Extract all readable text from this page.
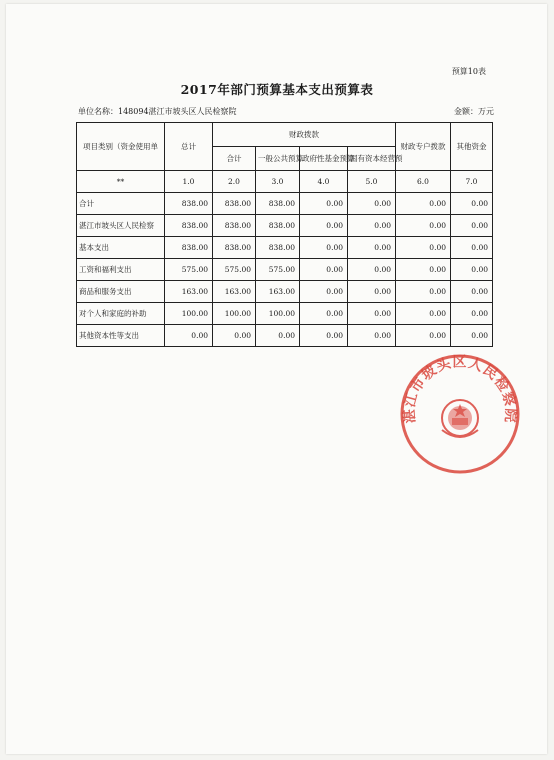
预算10表
2017年部门预算基本支出预算表
单位名称：148094湛江市坡头区人民检察院	金额：万元
项目类别（资金使用单	总计	财政拨款				财政专户拨款	其他资金
		合计	一般公共预算	政府性基金预算	国有资本经营预		
**	1.0	2.0	3.0	4.0	5.0	6.0	7.0
合计	838.00	838.00	838.00	0.00	0.00	0.00	0.00
湛江市坡头区人民检察	838.00	838.00	838.00	0.00	0.00	0.00	0.00
基本支出	838.00	838.00	838.00	0.00	0.00	0.00	0.00
工资和福利支出	575.00	575.00	575.00	0.00	0.00	0.00	0.00
商品和服务支出	163.00	163.00	163.00	0.00	0.00	0.00	0.00
对个人和家庭的补助	100.00	100.00	100.00	0.00	0.00	0.00	0.00
其他资本性等支出	0.00	0.00	0.00	0.00	0.00	0.00	0.00
湛江市坡头区人民检察院
